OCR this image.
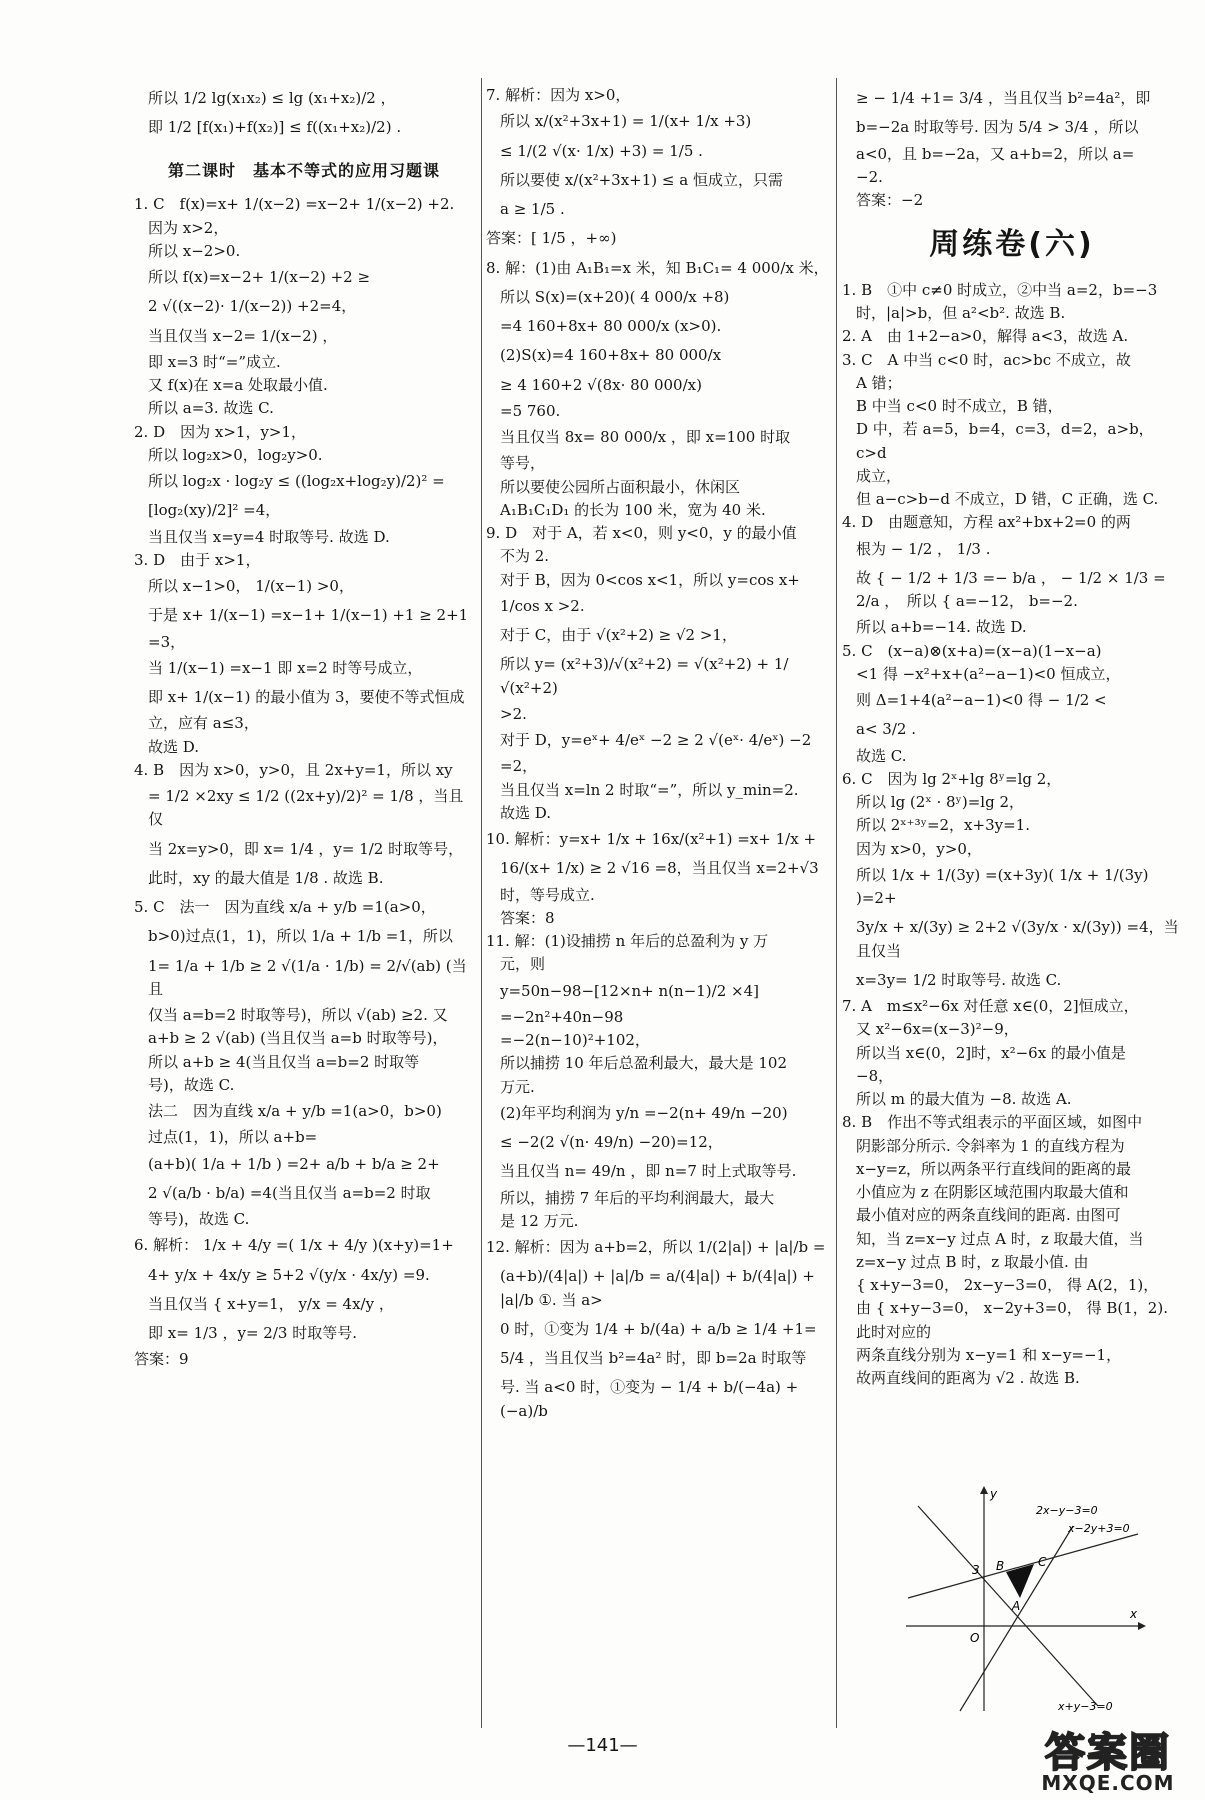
所以 1/2 lg(x₁x₂) ≤ lg (x₁+x₂)/2 ，
即 1/2 [f(x₁)+f(x₂)] ≤ f((x₁+x₂)/2) .
第二课时　基本不等式的应用习题课
1. C　f(x)=x+ 1/(x−2) =x−2+ 1/(x−2) +2.
因为 x>2，
所以 x−2>0.
所以 f(x)=x−2+ 1/(x−2) +2 ≥
2 √((x−2)· 1/(x−2)) +2=4，
当且仅当 x−2= 1/(x−2) ，
即 x=3 时“=”成立.
又 f(x)在 x=a 处取最小值.
所以 a=3. 故选 C.
2. D　因为 x>1，y>1，
所以 log₂x>0，log₂y>0.
所以 log₂x · log₂y ≤ ((log₂x+log₂y)/2)² =
[log₂(xy)/2]² =4，
当且仅当 x=y=4 时取等号. 故选 D.
3. D　由于 x>1，
所以 x−1>0， 1/(x−1) >0，
于是 x+ 1/(x−1) =x−1+ 1/(x−1) +1 ≥ 2+1
=3，
当 1/(x−1) =x−1 即 x=2 时等号成立，
即 x+ 1/(x−1) 的最小值为 3，要使不等式恒成
立，应有 a≤3，
故选 D.
4. B　因为 x>0，y>0，且 2x+y=1，所以 xy
= 1/2 ×2xy ≤ 1/2 ((2x+y)/2)² = 1/8 ，当且仅
当 2x=y>0，即 x= 1/4 ，y= 1/2 时取等号，
此时，xy 的最大值是 1/8 . 故选 B.
5. C　法一　因为直线 x/a + y/b =1(a>0，
b>0)过点(1，1)，所以 1/a + 1/b =1，所以
1= 1/a + 1/b ≥ 2 √(1/a · 1/b) = 2/√(ab) (当且
仅当 a=b=2 时取等号)，所以 √(ab) ≥2. 又
a+b ≥ 2 √(ab) (当且仅当 a=b 时取等号)，
所以 a+b ≥ 4(当且仅当 a=b=2 时取等
号)，故选 C.
法二　因为直线 x/a + y/b =1(a>0，b>0)
过点(1，1)，所以 a+b=
(a+b)( 1/a + 1/b ) =2+ a/b + b/a ≥ 2+
2 √(a/b · b/a) =4(当且仅当 a=b=2 时取
等号)，故选 C.
6. 解析： 1/x + 4/y =( 1/x + 4/y )(x+y)=1+
4+ y/x + 4x/y ≥ 5+2 √(y/x · 4x/y) =9.
当且仅当 { x+y=1， y/x = 4x/y ，
即 x= 1/3 ，y= 2/3 时取等号.
答案：9
7. 解析：因为 x>0，
所以 x/(x²+3x+1) = 1/(x+ 1/x +3)
≤ 1/(2 √(x· 1/x) +3) = 1/5 .
所以要使 x/(x²+3x+1) ≤ a 恒成立，只需
a ≥ 1/5 .
答案：[ 1/5 ，+∞)
8. 解：(1)由 A₁B₁=x 米，知 B₁C₁= 4 000/x 米，
所以 S(x)=(x+20)( 4 000/x +8)
=4 160+8x+ 80 000/x (x>0).
(2)S(x)=4 160+8x+ 80 000/x
≥ 4 160+2 √(8x· 80 000/x)
=5 760.
当且仅当 8x= 80 000/x ，即 x=100 时取
等号，
所以要使公园所占面积最小，休闲区
A₁B₁C₁D₁ 的长为 100 米，宽为 40 米.
9. D　对于 A，若 x<0，则 y<0，y 的最小值
不为 2.
对于 B，因为 0<cos x<1，所以 y=cos x+
1/cos x >2.
对于 C，由于 √(x²+2) ≥ √2 >1，
所以 y= (x²+3)/√(x²+2) = √(x²+2) + 1/√(x²+2)
>2.
对于 D，y=eˣ+ 4/eˣ −2 ≥ 2 √(eˣ· 4/eˣ) −2
=2，
当且仅当 x=ln 2 时取“=”，所以 y_min=2.
故选 D.
10. 解析：y=x+ 1/x + 16x/(x²+1) =x+ 1/x +
16/(x+ 1/x) ≥ 2 √16 =8，当且仅当 x=2+√3
时，等号成立.
答案：8
11. 解：(1)设捕捞 n 年后的总盈利为 y 万
元，则
y=50n−98−[12×n+ n(n−1)/2 ×4]
=−2n²+40n−98
=−2(n−10)²+102，
所以捕捞 10 年后总盈利最大，最大是 102
万元.
(2)年平均利润为 y/n =−2(n+ 49/n −20)
≤ −2(2 √(n· 49/n) −20)=12，
当且仅当 n= 49/n ，即 n=7 时上式取等号.
所以，捕捞 7 年后的平均利润最大，最大
是 12 万元.
12. 解析：因为 a+b=2，所以 1/(2|a|) + |a|/b =
(a+b)/(4|a|) + |a|/b = a/(4|a|) + b/(4|a|) + |a|/b ①. 当 a>
0 时，①变为 1/4 + b/(4a) + a/b ≥ 1/4 +1=
5/4 ，当且仅当 b²=4a² 时，即 b=2a 时取等
号. 当 a<0 时，①变为 − 1/4 + b/(−4a) + (−a)/b
≥ − 1/4 +1= 3/4 ，当且仅当 b²=4a²，即
b=−2a 时取等号. 因为 5/4 > 3/4 ，所以
a<0，且 b=−2a，又 a+b=2，所以 a=
−2.
答案：−2
周练卷(六)
1. B　①中 c≠0 时成立，②中当 a=2，b=−3
时，|a|>b，但 a²<b². 故选 B.
2. A　由 1+2−a>0，解得 a<3，故选 A.
3. C　A 中当 c<0 时，ac>bc 不成立，故
A 错；
B 中当 c<0 时不成立，B 错，
D 中，若 a=5，b=4，c=3，d=2，a>b，c>d
成立，
但 a−c>b−d 不成立，D 错，C 正确，选 C.
4. D　由题意知，方程 ax²+bx+2=0 的两
根为 − 1/2 ， 1/3 .
故 { − 1/2 + 1/3 =− b/a ， − 1/2 × 1/3 = 2/a ，　所以 { a=−12， b=−2.
所以 a+b=−14. 故选 D.
5. C　(x−a)⊗(x+a)=(x−a)(1−x−a)
<1 得 −x²+x+(a²−a−1)<0 恒成立，
则 Δ=1+4(a²−a−1)<0 得 − 1/2 <
a< 3/2 .
故选 C.
6. C　因为 lg 2ˣ+lg 8ʸ=lg 2，
所以 lg (2ˣ · 8ʸ)=lg 2，
所以 2ˣ⁺³ʸ=2，x+3y=1.
因为 x>0，y>0，
所以 1/x + 1/(3y) =(x+3y)( 1/x + 1/(3y) )=2+
3y/x + x/(3y) ≥ 2+2 √(3y/x · x/(3y)) =4，当且仅当
x=3y= 1/2 时取等号. 故选 C.
7. A　m≤x²−6x 对任意 x∈(0，2]恒成立，
又 x²−6x=(x−3)²−9，
所以当 x∈(0，2]时，x²−6x 的最小值是
−8，
所以 m 的最大值为 −8. 故选 A.
8. B　作出不等式组表示的平面区域，如图中
阴影部分所示. 令斜率为 1 的直线方程为
x−y=z，所以两条平行直线间的距离的最
小值应为 z 在阴影区域范围内取最大值和
最小值对应的两条直线间的距离. 由图可
知，当 z=x−y 过点 A 时，z 取最大值，当
z=x−y 过点 B 时，z 取最小值. 由
{ x+y−3=0， 2x−y−3=0， 得 A(2，1)，
由 { x+y−3=0， x−2y+3=0， 得 B(1，2). 此时对应的
两条直线分别为 x−y=1 和 x−y=−1，
故两直线间的距离为 √2 . 故选 B.
2x−y−3=0
x−2y+3=0
x+y−3=0
x
y
O
3
A
B	C
—141—	答案圈
MXQE.COM
